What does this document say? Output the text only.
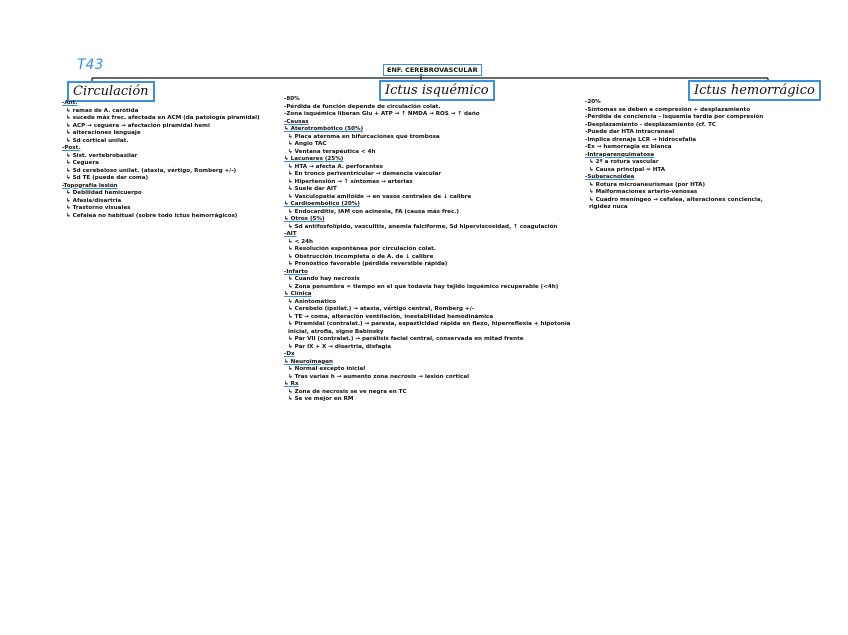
T43	ENF. CEREBROVASCULAR
Circulación	Ictus isquémico	Ictus hemorrágico
-Ant.
↳ ramas de A. carótida
↳ sucede más frec. afectada en ACM (da patología piramidal)
↳ ACP → ceguera → afectación piramidal hemi
↳ alteraciones lenguaje
↳ Sd cortical unilat.
-Post.
↳ Sist. vertebrobasilar
↳ Ceguera
↳ Sd cerebeloso unilat. (ataxia, vértigo, Romberg +/-)
↳ Sd TE (puede dar coma)
-Topografía lesión
↳ Debilidad hemicuerpo
↳ Afasia/disartria
↳ Trastorno visuales
↳ Cefalea no habitual (sobre todo ictus hemorrágicos)
-80%
-Pérdida de función depende de circulación colat.
-Zona isquémica liberan Glu + ATP → ↑ NMDA → ROS → ↑ daño
-Causas
↳ Aterotrombótico (50%)
↳ Placa ateroma en bifurcaciones que trombosa
↳ Angio TAC
↳ Ventana terapéutica < 4h
↳ Lacunares (25%)
↳ HTA → afecta A. perforantes
↳ En tronco periventricular → demencia vascular
↳ Hipertensión → ↑ síntomas → arterias
↳ Suele dar AIT
↳ Vasculopatía amiloide → en vasos centrales de ↓ calibre
↳ Cardioembólico (20%)
↳ Endocarditis, IAM con acinesia, FA (causa más frec.)
↳ Otros (5%)
↳ Sd antifosfolípido, vasculitis, anemia falciforme, Sd hiperviscosidad, ↑ coagulación
-AIT
↳ < 24h
↳ Resolución espontánea por circulación colat.
↳ Obstrucción incompleta o de A. de ↓ calibre
↳ Pronóstico favorable (pérdida reversible rápida)
-Infarto
↳ Cuando hay necrosis
↳ Zona penumbra = tiempo en el que todavía hay tejido isquémico recuperable (<4h)
↳ Clínica
↳ Asintomático
↳ Cerebelo (ipsilat.) → ataxia, vértigo central, Romberg +/-
↳ TE → coma, alteración ventilación, inestabilidad hemodinámica
↳ Piramidal (contralat.) → paresia, espasticidad rápida en flexo, hiperreflexia + hipotonía
inicial, atrofia, signo Babinsky
↳ Par VII (contralat.) → parálisis facial central, conservada en mitad frente
↳ Par IX + X → disartria, disfagia
-Dx
↳ Neuroimagen
↳ Normal excepto inicial
↳ Tras varias h → aumento zona necrosis → lesión cortical
↳ Rx
↳ Zona de necrosis se ve negra en TC
↳ Se ve mejor en RM
-20%
-Síntomas se deben a compresión + desplazamiento
-Pérdida de conciencia - isquemia tardía por compresión
-Desplazamiento - desplazamiento (cf. TC
-Puede dar HTA intracraneal
-Implica drenaje LCR → hidrocefalia
-Ex → hemorragia es blanca
-Intraparenquimatosa
↳ 2ª a rotura vascular
↳ Causa principal = HTA
-Subaracnoidea
↳ Rotura microaneurismas (por HTA)
↳ Malformaciones arterio-venosas
↳ Cuadro meníngeo → cefalea, alteraciones conciencia,
rigidez nuca
